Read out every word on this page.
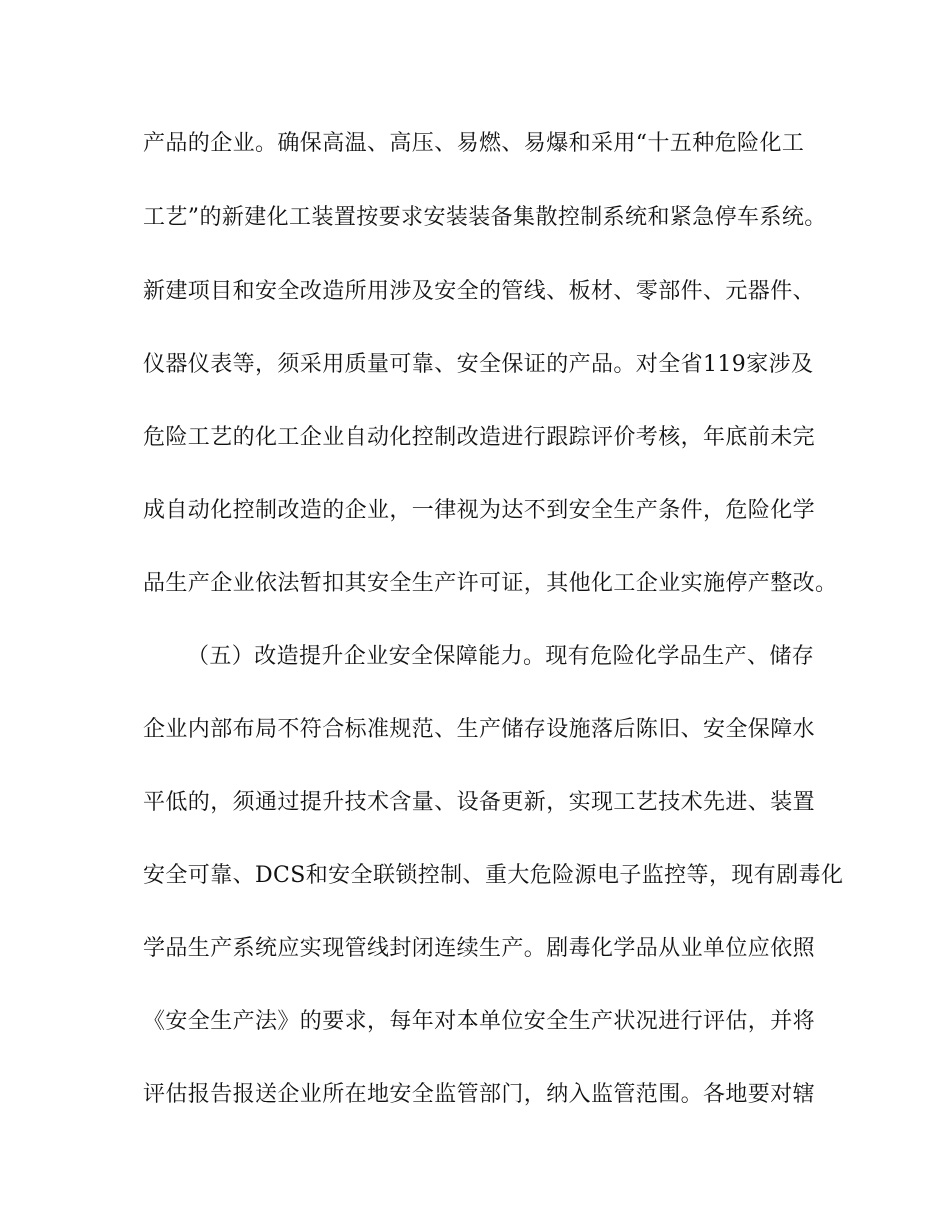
产品的企业。确保高温、高压、易燃、易爆和采用“十五种危险化工
工艺”的新建化工装置按要求安装装备集散控制系统和紧急停车系统。
新建项目和安全改造所用涉及安全的管线、板材、零部件、元器件、
仪器仪表等，须采用质量可靠、安全保证的产品。对全省119家涉及
危险工艺的化工企业自动化控制改造进行跟踪评价考核，年底前未完
成自动化控制改造的企业，一律视为达不到安全生产条件，危险化学
品生产企业依法暂扣其安全生产许可证，其他化工企业实施停产整改。
（五）改造提升企业安全保障能力。现有危险化学品生产、储存
企业内部布局不符合标准规范、生产储存设施落后陈旧、安全保障水
平低的，须通过提升技术含量、设备更新，实现工艺技术先进、装置
安全可靠、DCS和安全联锁控制、重大危险源电子监控等，现有剧毒化
学品生产系统应实现管线封闭连续生产。剧毒化学品从业单位应依照
《安全生产法》的要求，每年对本单位安全生产状况进行评估，并将
评估报告报送企业所在地安全监管部门，纳入监管范围。各地要对辖
